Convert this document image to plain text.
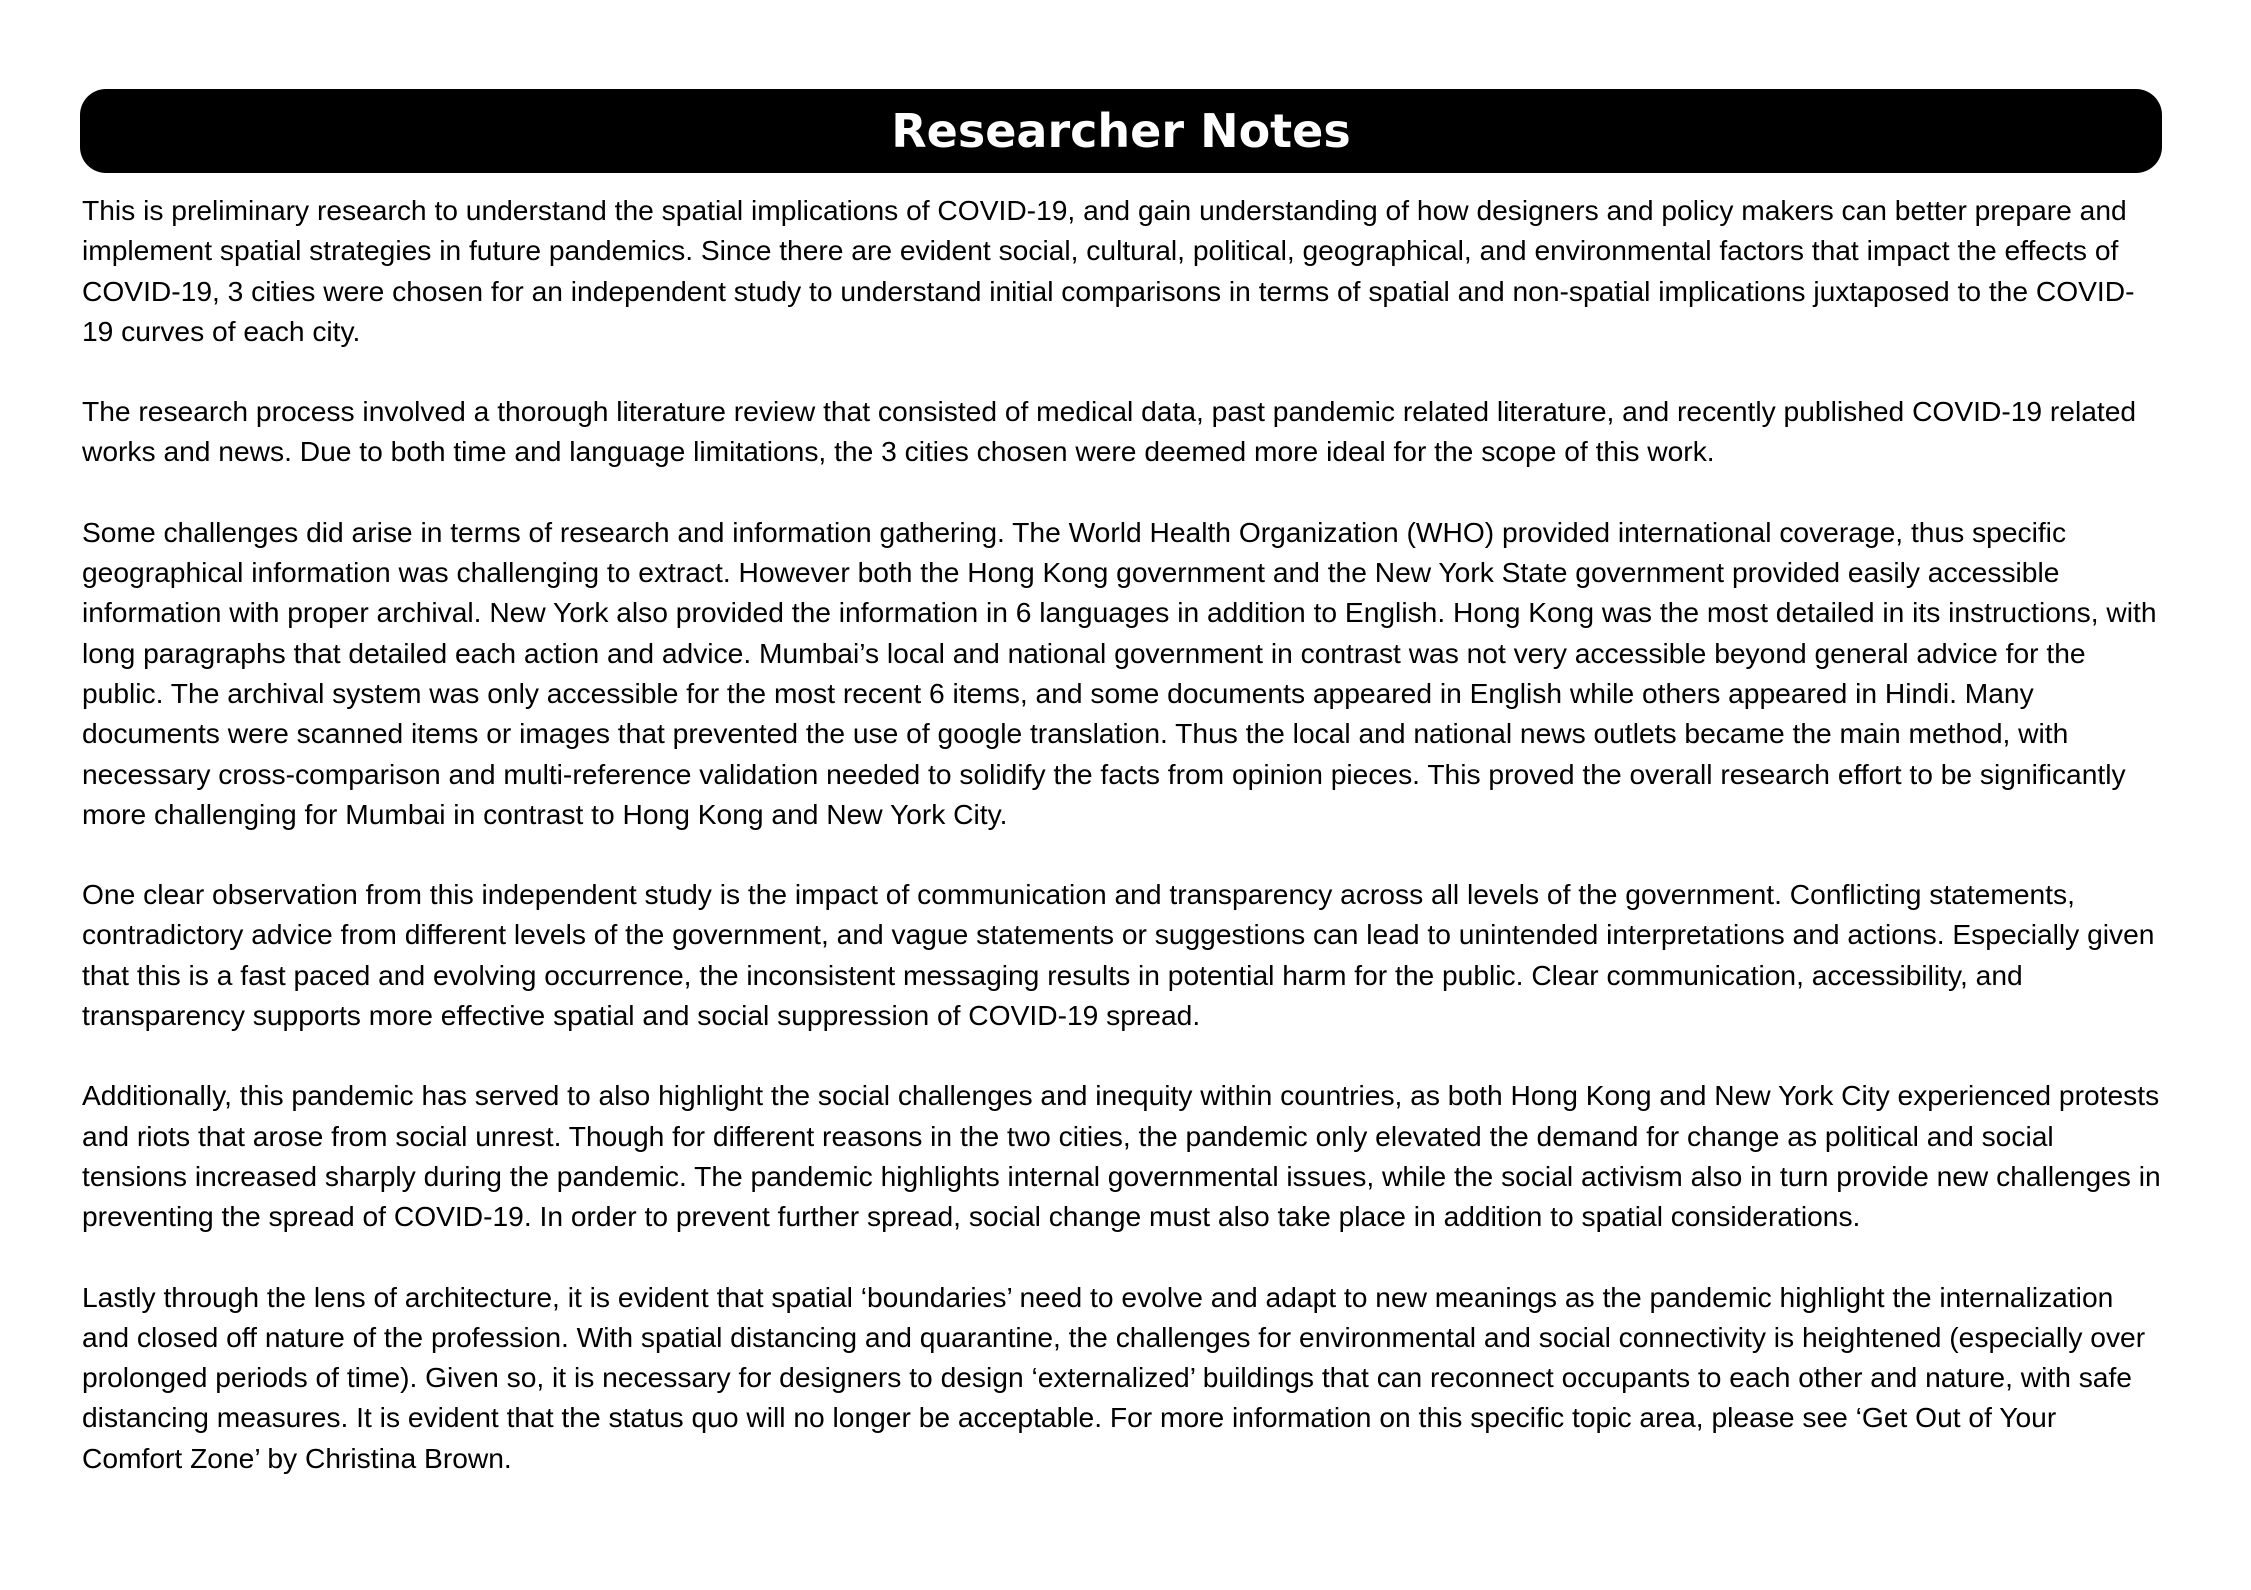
Researcher Notes

This is preliminary research to understand the spatial implications of COVID-19, and gain understanding of how designers and policy makers can better prepare and implement spatial strategies in future pandemics. Since there are evident social, cultural, political, geographical, and environmental factors that impact the effects of COVID-19, 3 cities were chosen for an independent study to understand initial comparisons in terms of spatial and non-spatial implications juxtaposed to the COVID-19 curves of each city.

The research process involved a thorough literature review that consisted of medical data, past pandemic related literature, and recently published COVID-19 related works and news. Due to both time and language limitations, the 3 cities chosen were deemed more ideal for the scope of this work.

Some challenges did arise in terms of research and information gathering. The World Health Organization (WHO) provided international coverage, thus specific geographical information was challenging to extract. However both the Hong Kong government and the New York State government provided easily accessible information with proper archival. New York also provided the information in 6 languages in addition to English. Hong Kong was the most detailed in its instructions, with long paragraphs that detailed each action and advice. Mumbai’s local and national government in contrast was not very accessible beyond general advice for the public. The archival system was only accessible for the most recent 6 items, and some documents appeared in English while others appeared in Hindi. Many documents were scanned items or images that prevented the use of google translation. Thus the local and national news outlets became the main method, with necessary cross-comparison and multi-reference validation needed to solidify the facts from opinion pieces. This proved the overall research effort to be significantly more challenging for Mumbai in contrast to Hong Kong and New York City.

One clear observation from this independent study is the impact of communication and transparency across all levels of the government. Conflicting statements, contradictory advice from different levels of the government, and vague statements or suggestions can lead to unintended interpretations and actions. Especially given that this is a fast paced and evolving occurrence, the inconsistent messaging results in potential harm for the public. Clear communication, accessibility, and transparency supports more effective spatial and social suppression of COVID-19 spread.

Additionally, this pandemic has served to also highlight the social challenges and inequity within countries, as both Hong Kong and New York City experienced protests and riots that arose from social unrest. Though for different reasons in the two cities, the pandemic only elevated the demand for change as political and social tensions increased sharply during the pandemic. The pandemic highlights internal governmental issues, while the social activism also in turn provide new challenges in preventing the spread of COVID-19. In order to prevent further spread, social change must also take place in addition to spatial considerations.

Lastly through the lens of architecture, it is evident that spatial ‘boundaries’ need to evolve and adapt to new meanings as the pandemic highlight the internalization and closed off nature of the profession. With spatial distancing and quarantine, the challenges for environmental and social connectivity is heightened (especially over prolonged periods of time). Given so, it is necessary for designers to design ‘externalized’ buildings that can reconnect occupants to each other and nature, with safe distancing measures. It is evident that the status quo will no longer be acceptable. For more information on this specific topic area, please see ‘Get Out of Your Comfort Zone’ by Christina Brown.
